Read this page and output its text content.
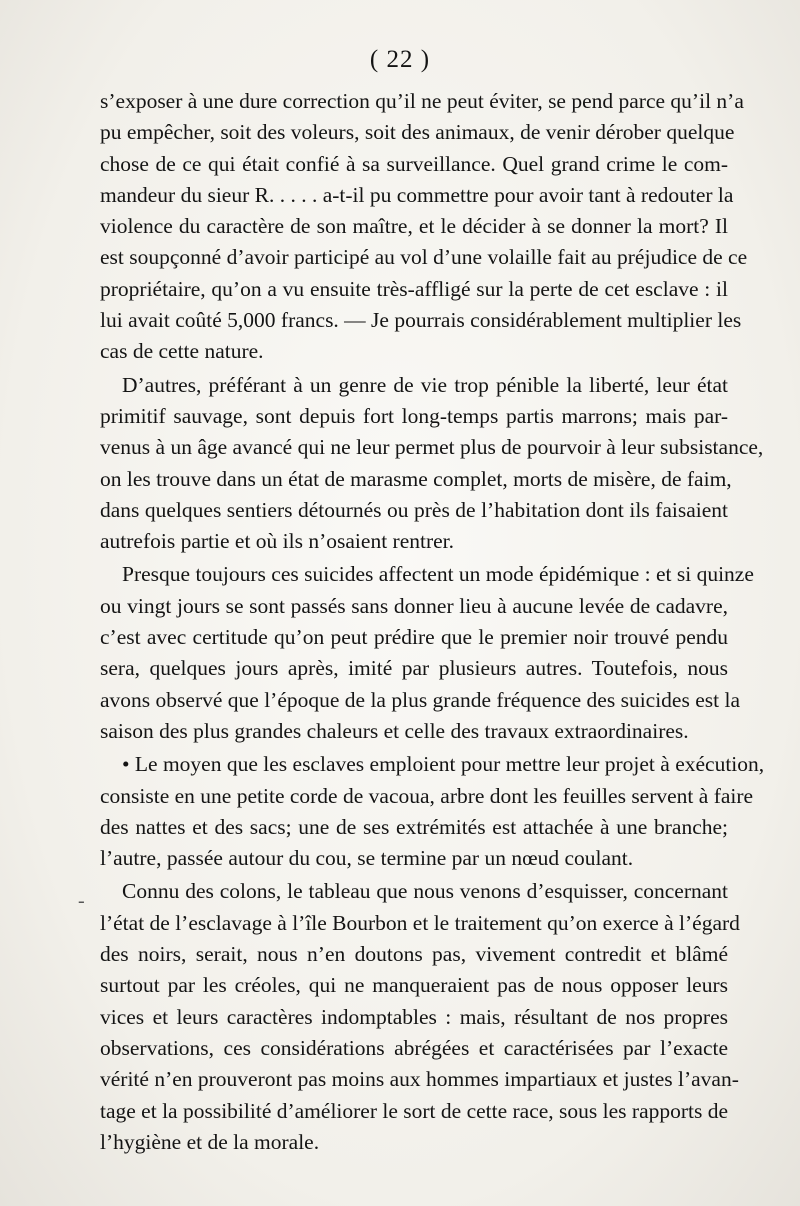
( 22 )
-
s’exposer à une dure correction qu’il ne peut éviter, se pend parce qu’il n’a
pu empêcher, soit des voleurs, soit des animaux, de venir dérober quelque
chose de ce qui était confié à sa surveillance. Quel grand crime le com-
mandeur du sieur R. . . . . a-t-il pu commettre pour avoir tant à redouter la
violence du caractère de son maître, et le décider à se donner la mort? Il
est soupçonné d’avoir participé au vol d’une volaille fait au préjudice de ce
propriétaire, qu’on a vu ensuite très-affligé sur la perte de cet esclave : il
lui avait coûté 5,000 francs. — Je pourrais considérablement multiplier les
cas de cette nature.
D’autres, préférant à un genre de vie trop pénible la liberté, leur état
primitif sauvage, sont depuis fort long-temps partis marrons; mais par-
venus à un âge avancé qui ne leur permet plus de pourvoir à leur subsistance,
on les trouve dans un état de marasme complet, morts de misère, de faim,
dans quelques sentiers détournés ou près de l’habitation dont ils faisaient
autrefois partie et où ils n’osaient rentrer.
Presque toujours ces suicides affectent un mode épidémique : et si quinze
ou vingt jours se sont passés sans donner lieu à aucune levée de cadavre,
c’est avec certitude qu’on peut prédire que le premier noir trouvé pendu
sera, quelques jours après, imité par plusieurs autres. Toutefois, nous
avons observé que l’époque de la plus grande fréquence des suicides est la
saison des plus grandes chaleurs et celle des travaux extraordinaires.
• Le moyen que les esclaves emploient pour mettre leur projet à exécution,
consiste en une petite corde de vacoua, arbre dont les feuilles servent à faire
des nattes et des sacs; une de ses extrémités est attachée à une branche;
l’autre, passée autour du cou, se termine par un nœud coulant.
Connu des colons, le tableau que nous venons d’esquisser, concernant
l’état de l’esclavage à l’île Bourbon et le traitement qu’on exerce à l’égard
des noirs, serait, nous n’en doutons pas, vivement contredit et blâmé
surtout par les créoles, qui ne manqueraient pas de nous opposer leurs
vices et leurs caractères indomptables : mais, résultant de nos propres
observations, ces considérations abrégées et caractérisées par l’exacte
vérité n’en prouveront pas moins aux hommes impartiaux et justes l’avan-
tage et la possibilité d’améliorer le sort de cette race, sous les rapports de
l’hygiène et de la morale.
